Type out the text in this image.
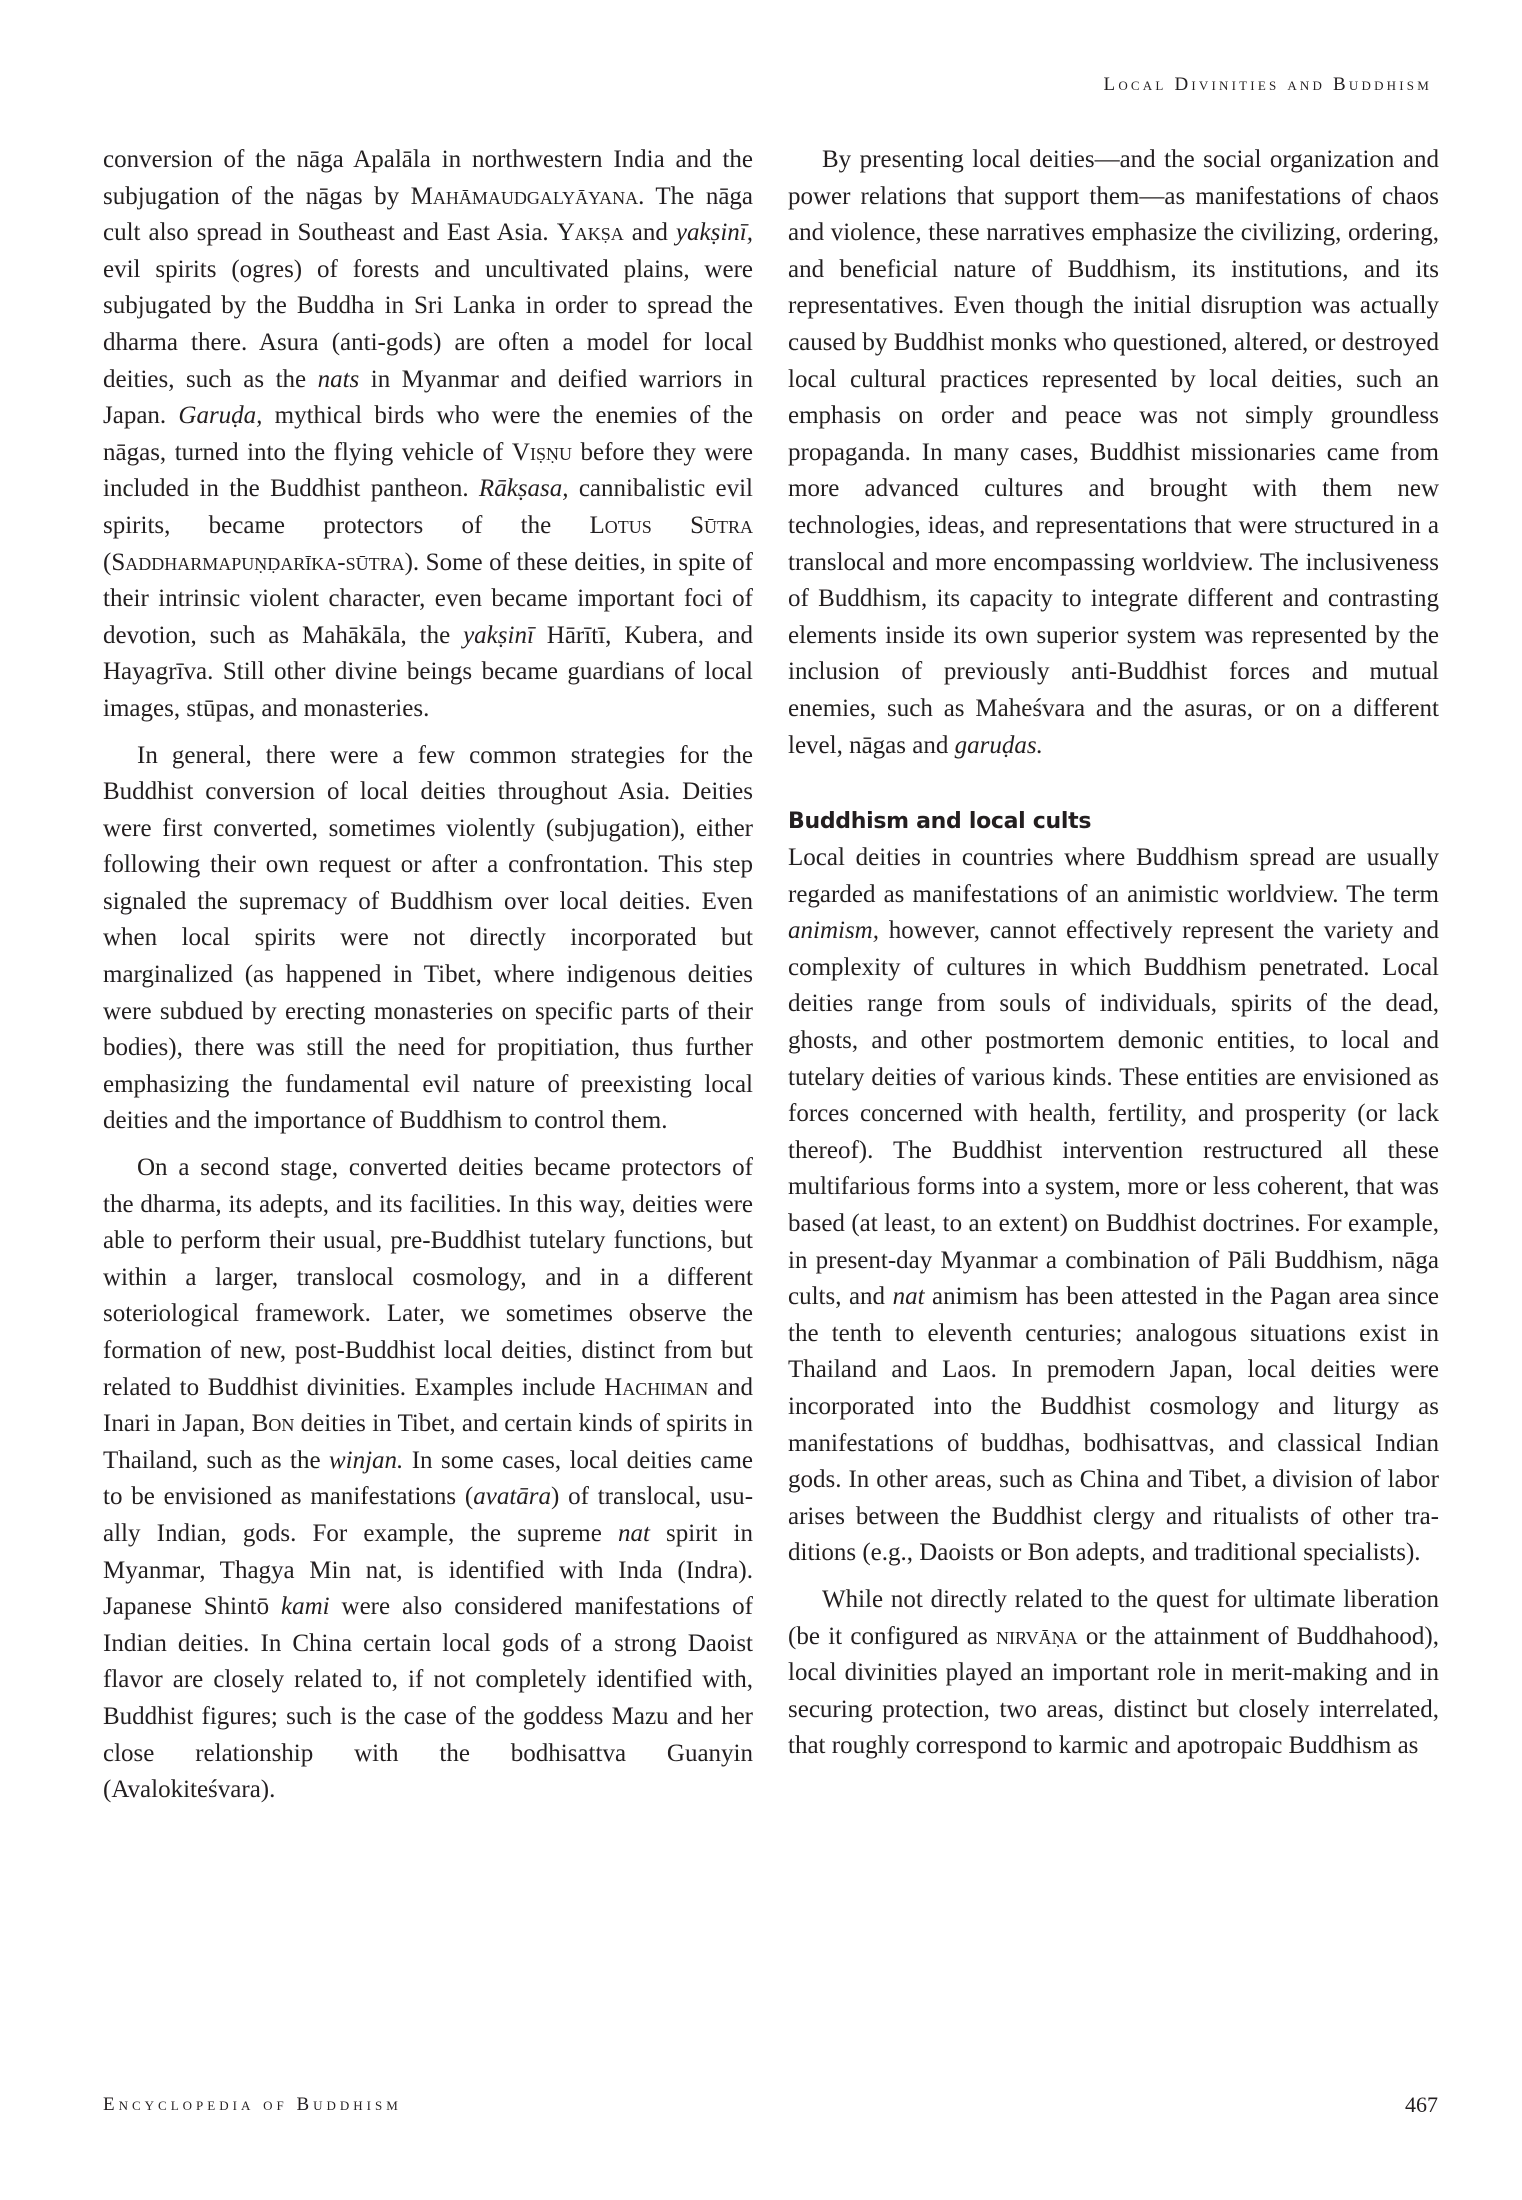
Local Divinities and Buddhism

conversion of the nāga Apalāla in northwestern India and the subjugation of the nāgas by Mahāmaudgalyāyana. The nāga cult also spread in Southeast and East Asia. Yakṣa and yakṣinī, evil spirits (ogres) of forests and uncultivated plains, were subjugated by the Buddha in Sri Lanka in order to spread the dharma there. Asura (anti-gods) are often a model for local deities, such as the nats in Myanmar and deified warriors in Japan. Garuḍa, mythical birds who were the enemies of the nāgas, turned into the flying vehicle of Viṣṇu before they were included in the Buddhist pantheon. Rākṣasa, cannibalistic evil spirits, became protectors of the Lotus Sūtra (Saddharmapuṇḍarīka-sūtra). Some of these deities, in spite of their intrinsic violent character, even became important foci of devotion, such as Mahākāla, the yakṣinī Hārītī, Kubera, and Hayagrīva. Still other divine beings became guardians of local images, stūpas, and monasteries.

In general, there were a few common strategies for the Buddhist conversion of local deities throughout Asia. Deities were first converted, sometimes violently (subjugation), either following their own request or after a confrontation. This step signaled the supremacy of Buddhism over local deities. Even when local spirits were not directly incorporated but marginalized (as happened in Tibet, where indigenous deities were subdued by erecting monasteries on specific parts of their bodies), there was still the need for propitiation, thus further emphasizing the fundamental evil nature of preexisting local deities and the importance of Buddhism to control them.

On a second stage, converted deities became protectors of the dharma, its adepts, and its facilities. In this way, deities were able to perform their usual, pre-Buddhist tutelary functions, but within a larger, translocal cosmology, and in a different soteriological framework. Later, we sometimes observe the formation of new, post-Buddhist local deities, distinct from but related to Buddhist divinities. Examples include Hachiman and Inari in Japan, Bon deities in Tibet, and certain kinds of spirits in Thailand, such as the winjan. In some cases, local deities came to be envisioned as manifestations (avatāra) of translocal, usually Indian, gods. For example, the supreme nat spirit in Myanmar, Thagya Min nat, is identified with Inda (Indra). Japanese Shintō kami were also considered manifestations of Indian deities. In China certain local gods of a strong Daoist flavor are closely related to, if not completely identified with, Buddhist figures; such is the case of the goddess Mazu and her close relationship with the bodhisattva Guanyin (Avalokiteśvara).

By presenting local deities—and the social organization and power relations that support them—as manifestations of chaos and violence, these narratives emphasize the civilizing, ordering, and beneficial nature of Buddhism, its institutions, and its representatives. Even though the initial disruption was actually caused by Buddhist monks who questioned, altered, or destroyed local cultural practices represented by local deities, such an emphasis on order and peace was not simply groundless propaganda. In many cases, Buddhist missionaries came from more advanced cultures and brought with them new technologies, ideas, and representations that were structured in a translocal and more encompassing worldview. The inclusiveness of Buddhism, its capacity to integrate different and contrasting elements inside its own superior system was represented by the inclusion of previously anti-Buddhist forces and mutual enemies, such as Maheśvara and the asuras, or on a different level, nāgas and garuḍas.

Buddhism and local cults

Local deities in countries where Buddhism spread are usually regarded as manifestations of an animistic worldview. The term animism, however, cannot effectively represent the variety and complexity of cultures in which Buddhism penetrated. Local deities range from souls of individuals, spirits of the dead, ghosts, and other postmortem demonic entities, to local and tutelary deities of various kinds. These entities are envisioned as forces concerned with health, fertility, and prosperity (or lack thereof). The Buddhist intervention restructured all these multifarious forms into a system, more or less coherent, that was based (at least, to an extent) on Buddhist doctrines. For example, in present-day Myanmar a combination of Pāli Buddhism, nāga cults, and nat animism has been attested in the Pagan area since the tenth to eleventh centuries; analogous situations exist in Thailand and Laos. In premodern Japan, local deities were incorporated into the Buddhist cosmology and liturgy as manifestations of buddhas, bodhisattvas, and classical Indian gods. In other areas, such as China and Tibet, a division of labor arises between the Buddhist clergy and ritualists of other traditions (e.g., Daoists or Bon adepts, and traditional specialists).

While not directly related to the quest for ultimate liberation (be it configured as nirvāṇa or the attainment of Buddhahood), local divinities played an important role in merit-making and in securing protection, two areas, distinct but closely interrelated, that roughly correspond to karmic and apotropaic Buddhism as

Encyclopedia of Buddhism	467
